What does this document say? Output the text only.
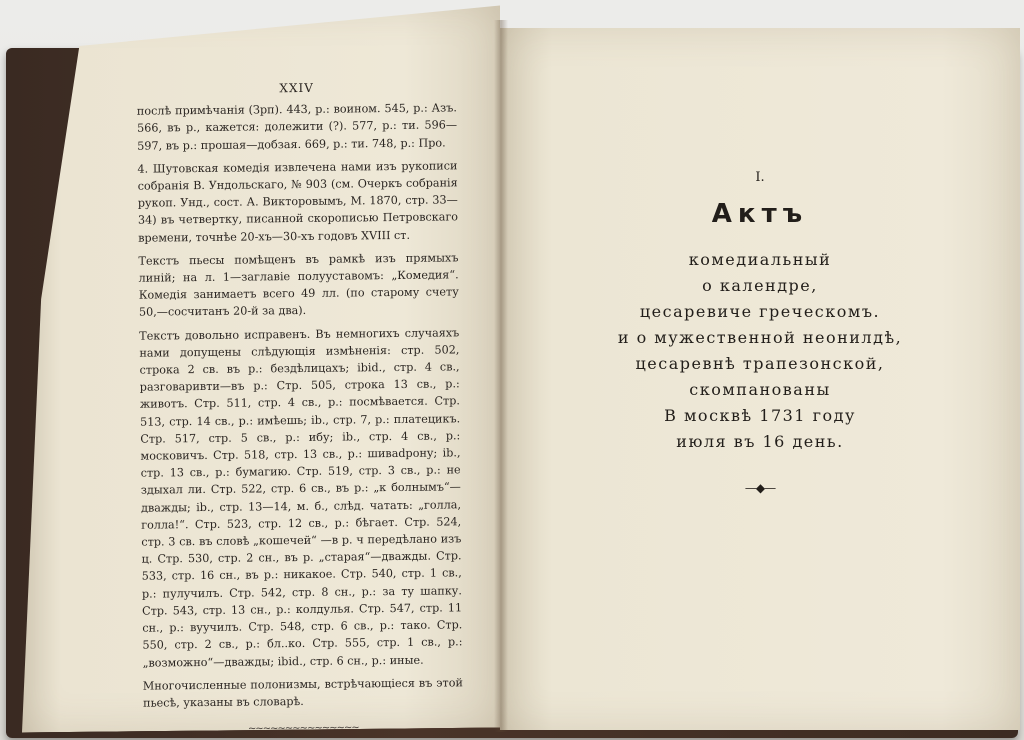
XXIV

послѣ примѣчанія (Зрп). 443, р.: воином. 545, р.: Азъ. 566, въ р., кажется: долежити (?). 577, р.: ти. 596—597, въ р.: прошая—добзая. 669, р.: ти. 748, р.: Про.

4. Шутовская комедія извлечена нами изъ рукописи собранія В. Ундольскаго, № 903 (см. Очеркъ собранія рукоп. Унд., сост. А. Викторовымъ, М. 1870, стр. 33—34) въ четвертку, писанной скорописью Петровскаго времени, точнѣе 20-хъ—30-хъ годовъ XVIII ст.

Текстъ пьесы помѣщенъ въ рамкѣ изъ прямыхъ линій; на л. 1—заглавіе полууставомъ: „Комедия“. Комедія занимаетъ всего 49 лл. (по старому счету 50,—сосчитанъ 20-й за два).

Текстъ довольно исправенъ. Въ немногихъ случаяхъ нами допущены слѣдующія измѣненія: стр. 502, строка 2 св. въ р.: бездѣлицахъ; ibid., стр. 4 св., разговаривти—въ р.: Стр. 505, строка 13 св., р.: животъ. Стр. 511, стр. 4 св., р.: посмѣвается. Стр. 513, стр. 14 св., р.: имѣешь; ib., стр. 7, р.: платецикъ. Стр. 517, стр. 5 св., р.: ибу; ib., стр. 4 св., р.: московичъ. Стр. 518, стр. 13 св., р.: шиваdрону; ib., стр. 13 св., р.: бумагию. Стр. 519, стр. 3 св., р.: не здыхал ли. Стр. 522, стр. 6 св., въ р.: „к болнымъ“—дважды; ib., стр. 13—14, м. б., слѣд. чатать: „голла, голла!“. Стр. 523, стр. 12 св., р.: бѣгает. Стр. 524, стр. 3 св. въ словѣ „кошечей“ —в р. ч передѣлано изъ ц. Стр. 530, стр. 2 сн., въ р. „старая“—дважды. Стр. 533, стр. 16 сн., въ р.: никакое. Стр. 540, стр. 1 св., р.: пулучилъ. Стр. 542, стр. 8 сн., р.: за ту шапку. Стр. 543, стр. 13 сн., р.: колдулья. Стр. 547, стр. 11 сн., р.: вуучилъ. Стр. 548, стр. 6 св., р.: тако. Стр. 550, стр. 2 св., р.: бл..ко. Стр. 555, стр. 1 св., р.: „возможно“—дважды; ibid., стр. 6 сн., р.: иные.

Многочисленные полонизмы, встрѣчающіеся въ этой пьесѣ, указаны въ словарѣ.

~~~~~~~~~~~~~~~
I.
Актъ
комедиальный
о календре,
цесаревиче греческомъ.
и о мужественной неонилдѣ,
цесаревнѣ трапезонской,
скомпанованы
В москвѣ 1731 году
июля въ 16 день.
—◆—
